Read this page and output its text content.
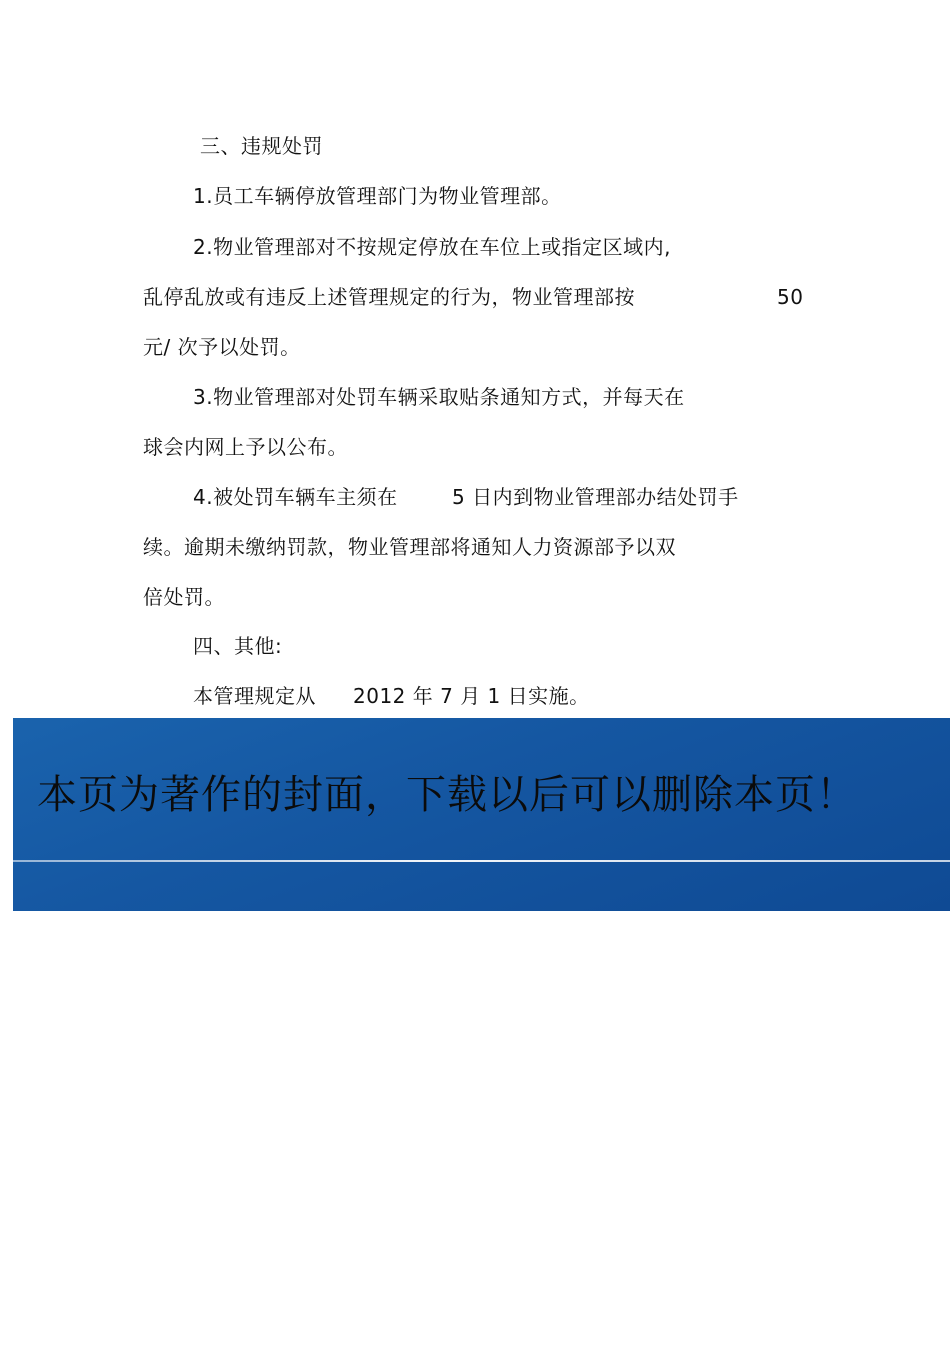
三、违规处罚

1.员工车辆停放管理部门为物业管理部。

2.物业管理部对不按规定停放在车位上或指定区域内,

乱停乱放或有违反上述管理规定的行为，物业管理部按	50

元/ 次予以处罚。

3.物业管理部对处罚车辆采取贴条通知方式，并每天在

球会内网上予以公布。

4.被处罚车辆车主须在	5 日内到物业管理部办结处罚手

续。逾期未缴纳罚款，物业管理部将通知人力资源部予以双

倍处罚。

四、其他:

本管理规定从 2012 年 7 月 1 日实施。

本页为著作的封面，下载以后可以删除本页！
